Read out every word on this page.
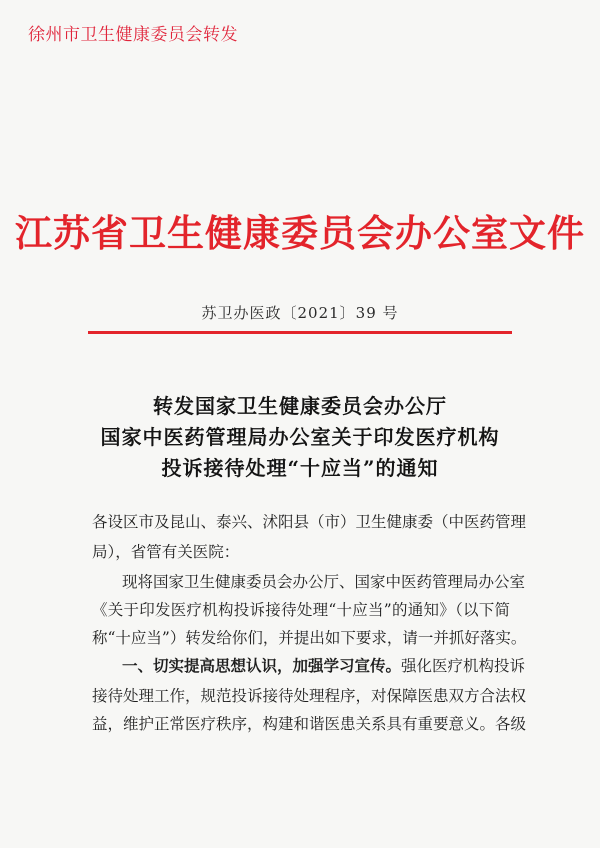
徐州市卫生健康委员会转发
江苏省卫生健康委员会办公室文件
苏卫办医政〔2021〕39 号
转发国家卫生健康委员会办公厅
国家中医药管理局办公室关于印发医疗机构
投诉接待处理“十应当”的通知
各设区市及昆山、泰兴、沭阳县（市）卫生健康委（中医药管理
局），省管有关医院：
现将国家卫生健康委员会办公厅、国家中医药管理局办公室
《关于印发医疗机构投诉接待处理“十应当”的通知》（以下简
称“十应当”）转发给你们，并提出如下要求，请一并抓好落实。
一、切实提高思想认识，加强学习宣传。强化医疗机构投诉
接待处理工作，规范投诉接待处理程序，对保障医患双方合法权
益，维护正常医疗秩序，构建和谐医患关系具有重要意义。各级
